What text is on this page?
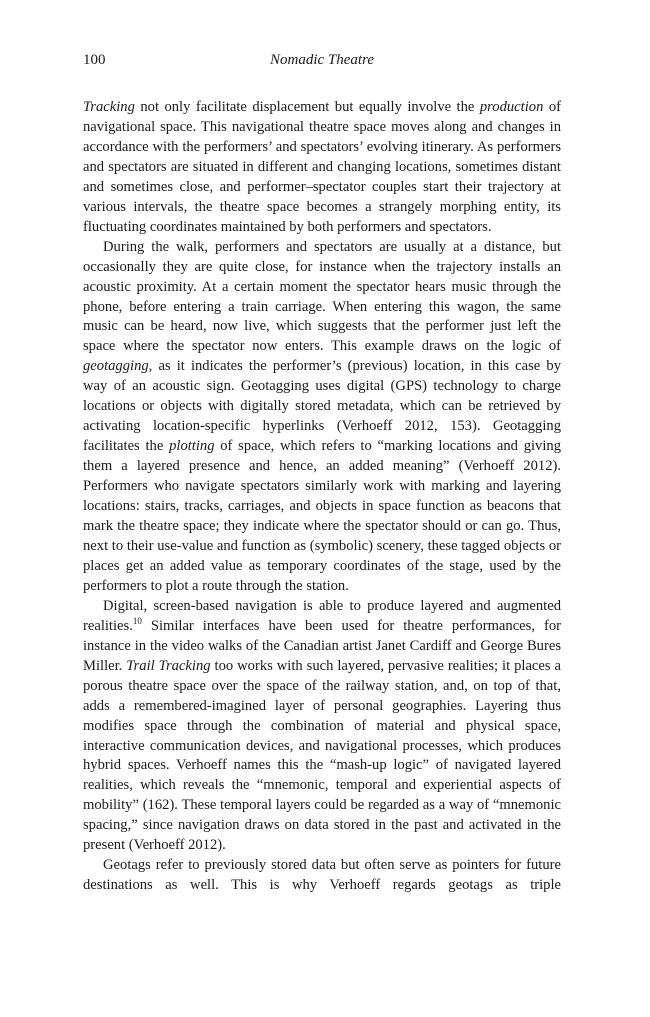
100	Nomadic Theatre

Tracking not only facilitate displacement but equally involve the production of navigational space. This navigational theatre space moves along and changes in accordance with the performers’ and spectators’ evolving itinerary. As performers and spectators are situated in different and changing locations, sometimes distant and sometimes close, and performer–spectator couples start their trajectory at various intervals, the theatre space becomes a strangely morphing entity, its fluctuating coordinates maintained by both performers and spectators.

During the walk, performers and spectators are usually at a distance, but occasionally they are quite close, for instance when the trajectory installs an acoustic proximity. At a certain moment the spectator hears music through the phone, before entering a train carriage. When entering this wagon, the same music can be heard, now live, which suggests that the performer just left the space where the spectator now enters. This example draws on the logic of geotagging, as it indicates the performer’s (previous) location, in this case by way of an acoustic sign. Geotagging uses digital (GPS) technology to charge locations or objects with digitally stored metadata, which can be retrieved by activating location-specific hyperlinks (Verhoeff 2012, 153). Geotagging facilitates the plotting of space, which refers to “marking locations and giving them a layered presence and hence, an added meaning” (Verhoeff 2012). Performers who navigate spectators similarly work with marking and layering locations: stairs, tracks, carriages, and objects in space function as beacons that mark the theatre space; they indicate where the spectator should or can go. Thus, next to their use-value and function as (symbolic) scenery, these tagged objects or places get an added value as temporary coordinates of the stage, used by the performers to plot a route through the station.

Digital, screen-based navigation is able to produce layered and augmented realities.$^{10}$ Similar interfaces have been used for theatre performances, for instance in the video walks of the Canadian artist Janet Cardiff and George Bures Miller. Trail Tracking too works with such layered, pervasive realities; it places a porous theatre space over the space of the railway station, and, on top of that, adds a remembered-imagined layer of personal geographies. Layering thus modifies space through the combination of material and physical space, interactive communication devices, and navigational processes, which produces hybrid spaces. Verhoeff names this the “mash-up logic” of navigated layered realities, which reveals the “mnemonic, temporal and experiential aspects of mobility” (162). These temporal layers could be regarded as a way of “mnemonic spacing,” since navigation draws on data stored in the past and activated in the present (Verhoeff 2012).

Geotags refer to previously stored data but often serve as pointers for future destinations as well. This is why Verhoeff regards geotags as triple
